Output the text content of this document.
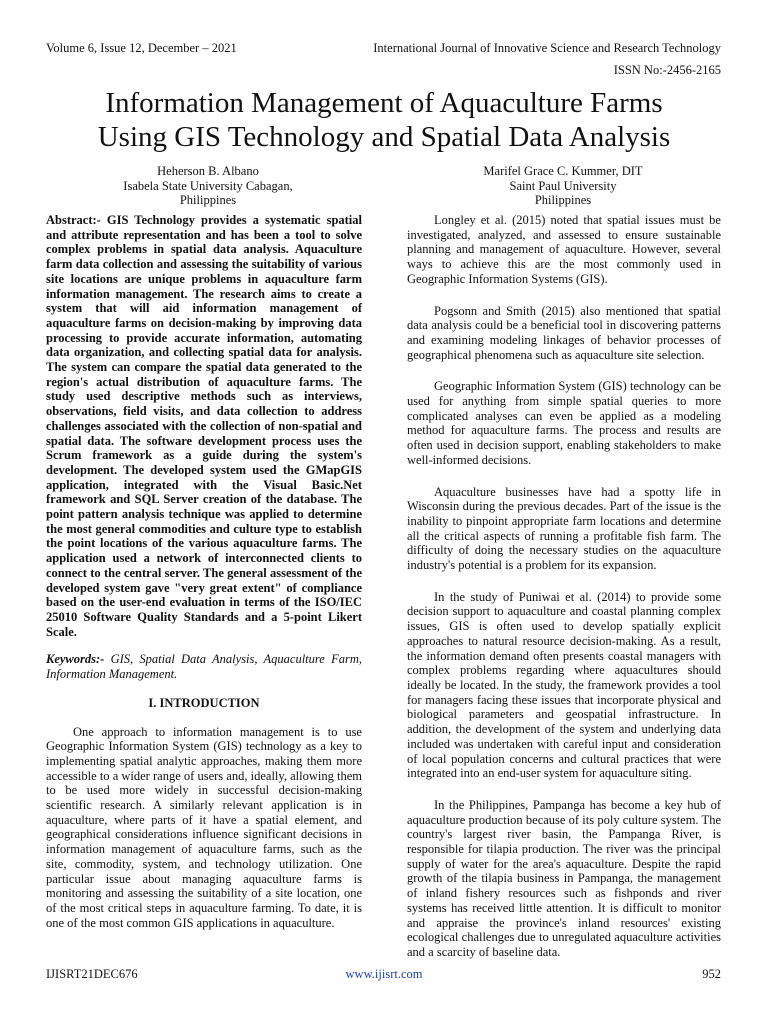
Volume 6, Issue 12, December – 2021	International Journal of Innovative Science and Research Technology
ISSN No:-2456-2165
Information Management of Aquaculture Farms
Using GIS Technology and Spatial Data Analysis
Heherson B. Albano
Isabela State University Cabagan,
Philippines
Marifel Grace C. Kummer, DIT
Saint Paul University
Philippines

Abstract:- GIS Technology provides a systematic spatial and attribute representation and has been a tool to solve complex problems in spatial data analysis. Aquaculture farm data collection and assessing the suitability of various site locations are unique problems in aquaculture farm information management. The research aims to create a system that will aid information management of aquaculture farms on decision-making by improving data processing to provide accurate information, automating data organization, and collecting spatial data for analysis. The system can compare the spatial data generated to the region's actual distribution of aquaculture farms. The study used descriptive methods such as interviews, observations, field visits, and data collection to address challenges associated with the collection of non-spatial and spatial data. The software development process uses the Scrum framework as a guide during the system's development. The developed system used the GMapGIS application, integrated with the Visual Basic.Net framework and SQL Server creation of the database. The point pattern analysis technique was applied to determine the most general commodities and culture type to establish the point locations of the various aquaculture farms. The application used a network of interconnected clients to connect to the central server. The general assessment of the developed system gave "very great extent" of compliance based on the user-end evaluation in terms of the ISO/IEC 25010 Software Quality Standards and a 5-point Likert Scale.

Keywords:- GIS, Spatial Data Analysis, Aquaculture Farm, Information Management.

I. INTRODUCTION

One approach to information management is to use Geographic Information System (GIS) technology as a key to implementing spatial analytic approaches, making them more accessible to a wider range of users and, ideally, allowing them to be used more widely in successful decision-making scientific research. A similarly relevant application is in aquaculture, where parts of it have a spatial element, and geographical considerations influence significant decisions in information management of aquaculture farms, such as the site, commodity, system, and technology utilization. One particular issue about managing aquaculture farms is monitoring and assessing the suitability of a site location, one of the most critical steps in aquaculture farming. To date, it is one of the most common GIS applications in aquaculture.

Longley et al. (2015) noted that spatial issues must be investigated, analyzed, and assessed to ensure sustainable planning and management of aquaculture. However, several ways to achieve this are the most commonly used in Geographic Information Systems (GIS).

Pogsonn and Smith (2015) also mentioned that spatial data analysis could be a beneficial tool in discovering patterns and examining modeling linkages of behavior processes of geographical phenomena such as aquaculture site selection.

Geographic Information System (GIS) technology can be used for anything from simple spatial queries to more complicated analyses can even be applied as a modeling method for aquaculture farms. The process and results are often used in decision support, enabling stakeholders to make well-informed decisions.

Aquaculture businesses have had a spotty life in Wisconsin during the previous decades. Part of the issue is the inability to pinpoint appropriate farm locations and determine all the critical aspects of running a profitable fish farm. The difficulty of doing the necessary studies on the aquaculture industry's potential is a problem for its expansion.

In the study of Puniwai et al. (2014) to provide some decision support to aquaculture and coastal planning complex issues, GIS is often used to develop spatially explicit approaches to natural resource decision-making. As a result, the information demand often presents coastal managers with complex problems regarding where aquacultures should ideally be located. In the study, the framework provides a tool for managers facing these issues that incorporate physical and biological parameters and geospatial infrastructure. In addition, the development of the system and underlying data included was undertaken with careful input and consideration of local population concerns and cultural practices that were integrated into an end-user system for aquaculture siting.

In the Philippines, Pampanga has become a key hub of aquaculture production because of its poly culture system. The country's largest river basin, the Pampanga River, is responsible for tilapia production. The river was the principal supply of water for the area's aquaculture. Despite the rapid growth of the tilapia business in Pampanga, the management of inland fishery resources such as fishponds and river systems has received little attention. It is difficult to monitor and appraise the province's inland resources' existing ecological challenges due to unregulated aquaculture activities and a scarcity of baseline data.

IJISRT21DEC676	www.ijisrt.com	952
